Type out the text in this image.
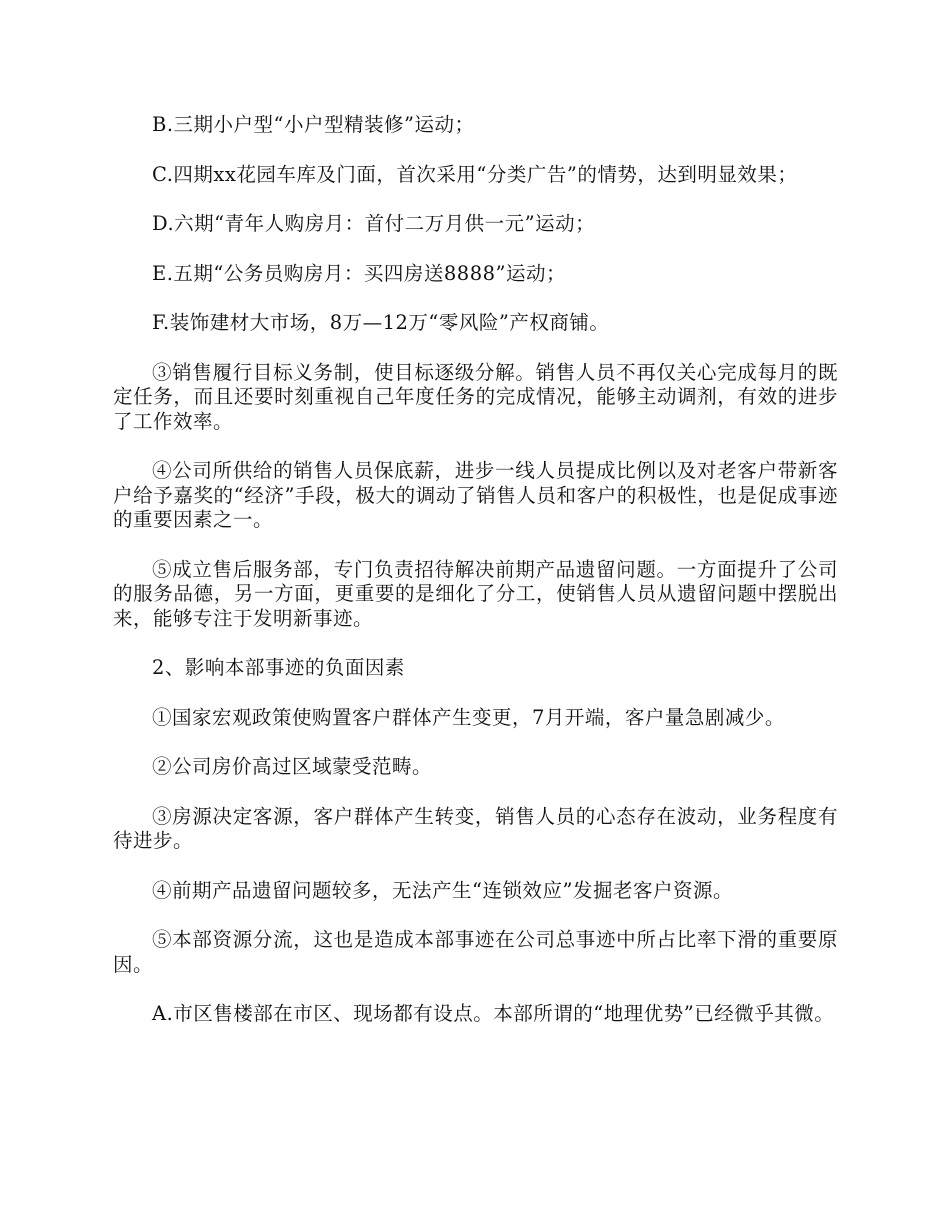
B.三期小户型“小户型精装修”运动；

C.四期xx花园车库及门面，首次采用“分类广告”的情势，达到明显效果；

D.六期“青年人购房月：首付二万月供一元”运动；

E.五期“公务员购房月：买四房送8888”运动；

F.装饰建材大市场，8万—12万“零风险”产权商铺。

③销售履行目标义务制，使目标逐级分解。销售人员不再仅关心完成每月的既定任务，而且还要时刻重视自己年度任务的完成情况，能够主动调剂，有效的进步了工作效率。

④公司所供给的销售人员保底薪，进步一线人员提成比例以及对老客户带新客户给予嘉奖的“经济”手段，极大的调动了销售人员和客户的积极性，也是促成事迹的重要因素之一。

⑤成立售后服务部，专门负责招待解决前期产品遗留问题。一方面提升了公司的服务品德，另一方面，更重要的是细化了分工，使销售人员从遗留问题中摆脱出来，能够专注于发明新事迹。

2、影响本部事迹的负面因素

①国家宏观政策使购置客户群体产生变更，7月开端，客户量急剧减少。

②公司房价高过区域蒙受范畴。

③房源决定客源，客户群体产生转变，销售人员的心态存在波动，业务程度有待进步。

④前期产品遗留问题较多，无法产生“连锁效应”发掘老客户资源。

⑤本部资源分流，这也是造成本部事迹在公司总事迹中所占比率下滑的重要原因。

A.市区售楼部在市区、现场都有设点。本部所谓的“地理优势”已经微乎其微。
